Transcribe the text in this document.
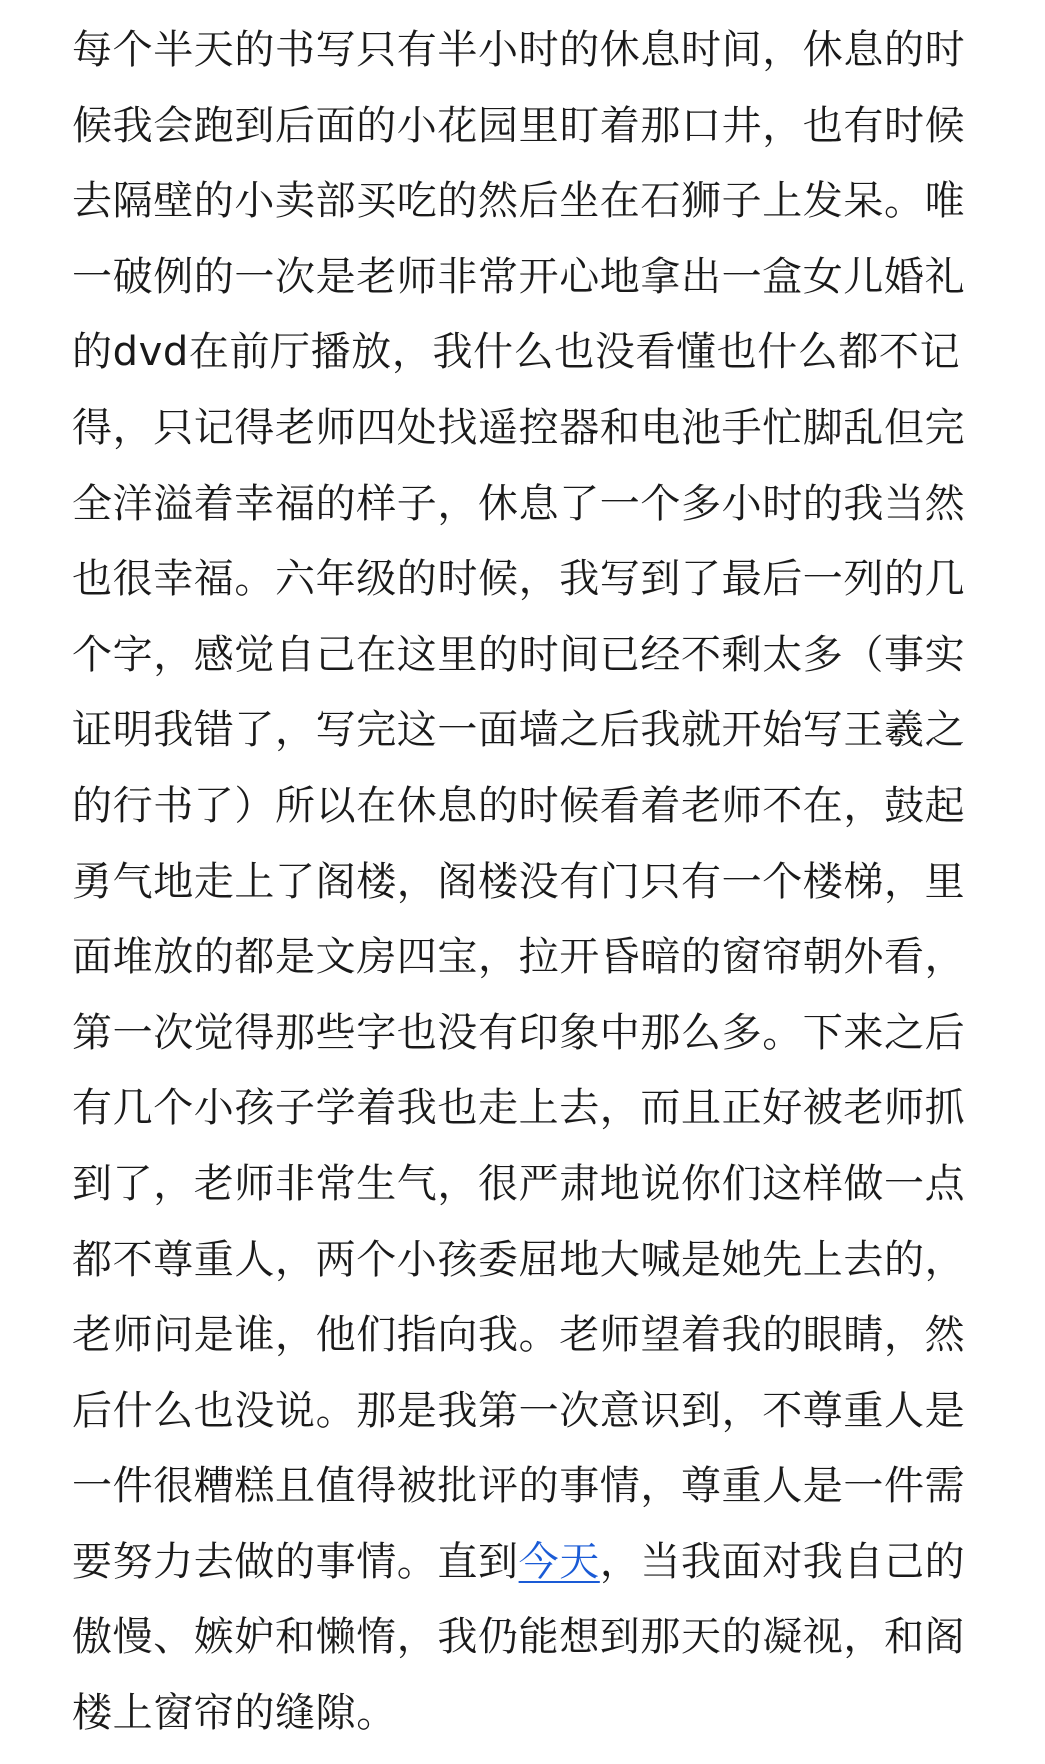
每个半天的书写只有半小时的休息时间，休息的时
候我会跑到后面的小花园里盯着那口井，也有时候
去隔壁的小卖部买吃的然后坐在石狮子上发呆。唯
一破例的一次是老师非常开心地拿出一盒女儿婚礼
的dvd在前厅播放，我什么也没看懂也什么都不记
得，只记得老师四处找遥控器和电池手忙脚乱但完
全洋溢着幸福的样子，休息了一个多小时的我当然
也很幸福。六年级的时候，我写到了最后一列的几
个字，感觉自己在这里的时间已经不剩太多（事实
证明我错了，写完这一面墙之后我就开始写王羲之
的行书了）所以在休息的时候看着老师不在，鼓起
勇气地走上了阁楼，阁楼没有门只有一个楼梯，里
面堆放的都是文房四宝，拉开昏暗的窗帘朝外看，
第一次觉得那些字也没有印象中那么多。下来之后
有几个小孩子学着我也走上去，而且正好被老师抓
到了，老师非常生气，很严肃地说你们这样做一点
都不尊重人，两个小孩委屈地大喊是她先上去的，
老师问是谁，他们指向我。老师望着我的眼睛，然
后什么也没说。那是我第一次意识到，不尊重人是
一件很糟糕且值得被批评的事情，尊重人是一件需
要努力去做的事情。直到今天，当我面对我自己的
傲慢、嫉妒和懒惰，我仍能想到那天的凝视，和阁
楼上窗帘的缝隙。
